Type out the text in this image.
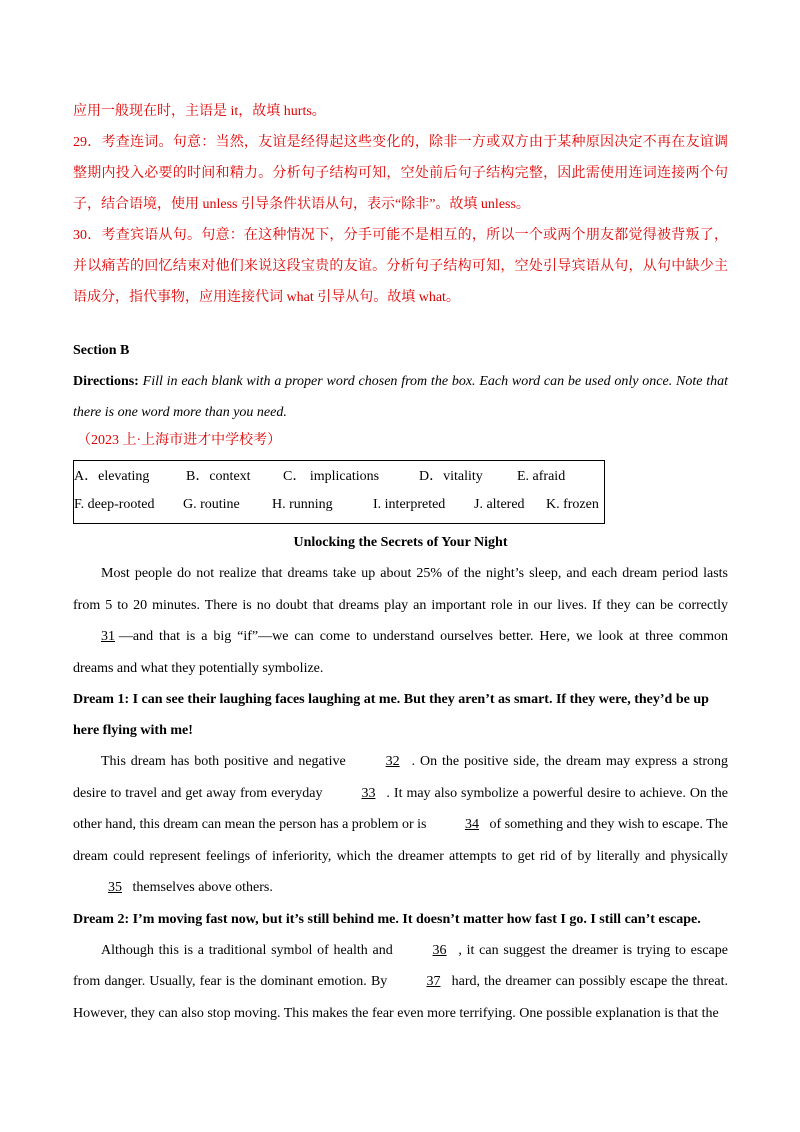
应用一般现在时，主语是 it，故填 hurts。

29．考查连词。句意：当然，友谊是经得起这些变化的，除非一方或双方由于某种原因决定不再在友谊调整期内投入必要的时间和精力。分析句子结构可知，空处前后句子结构完整，因此需使用连词连接两个句子，结合语境，使用 unless 引导条件状语从句，表示“除非”。故填 unless。

30．考查宾语从句。句意：在这种情况下，分手可能不是相互的，所以一个或两个朋友都觉得被背叛了，并以痛苦的回忆结束对他们来说这段宝贵的友谊。分析句子结构可知，空处引导宾语从句，从句中缺少主语成分，指代事物，应用连接代词 what 引导从句。故填 what。

Section B
Directions: Fill in each blank with a proper word chosen from the box. Each word can be used only once. Note that there is one word more than you need.
（2023 上·上海市进才中学校考）
A．elevating	B．context	C． implications	D．vitality	E. afraid
F. deep-rooted	G. routine	H. running	I. interpreted	J. altered	K. frozen
Unlocking the Secrets of Your Night

Most people do not realize that dreams take up about 25% of the night’s sleep, and each dream period lasts from 5 to 20 minutes. There is no doubt that dreams play an important role in our lives. If they can be correctly 31 —and that is a big “if”—we can come to understand ourselves better. Here, we look at three common dreams and what they potentially symbolize.

Dream 1: I can see their laughing faces laughing at me. But they aren’t as smart. If they were, they’d be up here flying with me!

This dream has both positive and negative	32 . On the positive side, the dream may express a strong desire to travel and get away from everyday	33 . It may also symbolize a powerful desire to achieve. On the other hand, this dream can mean the person has a problem or is	34 of something and they wish to escape. The dream could represent feelings of inferiority, which the dreamer attempts to get rid of by literally and physically 35 themselves above others.

Dream 2: I’m moving fast now, but it’s still behind me. It doesn’t matter how fast I go. I still can’t escape.

Although this is a traditional symbol of health and	36 , it can suggest the dreamer is trying to escape from danger. Usually, fear is the dominant emotion. By	37 hard, the dreamer can possibly escape the threat. However, they can also stop moving. This makes the fear even more terrifying. One possible explanation is that the
